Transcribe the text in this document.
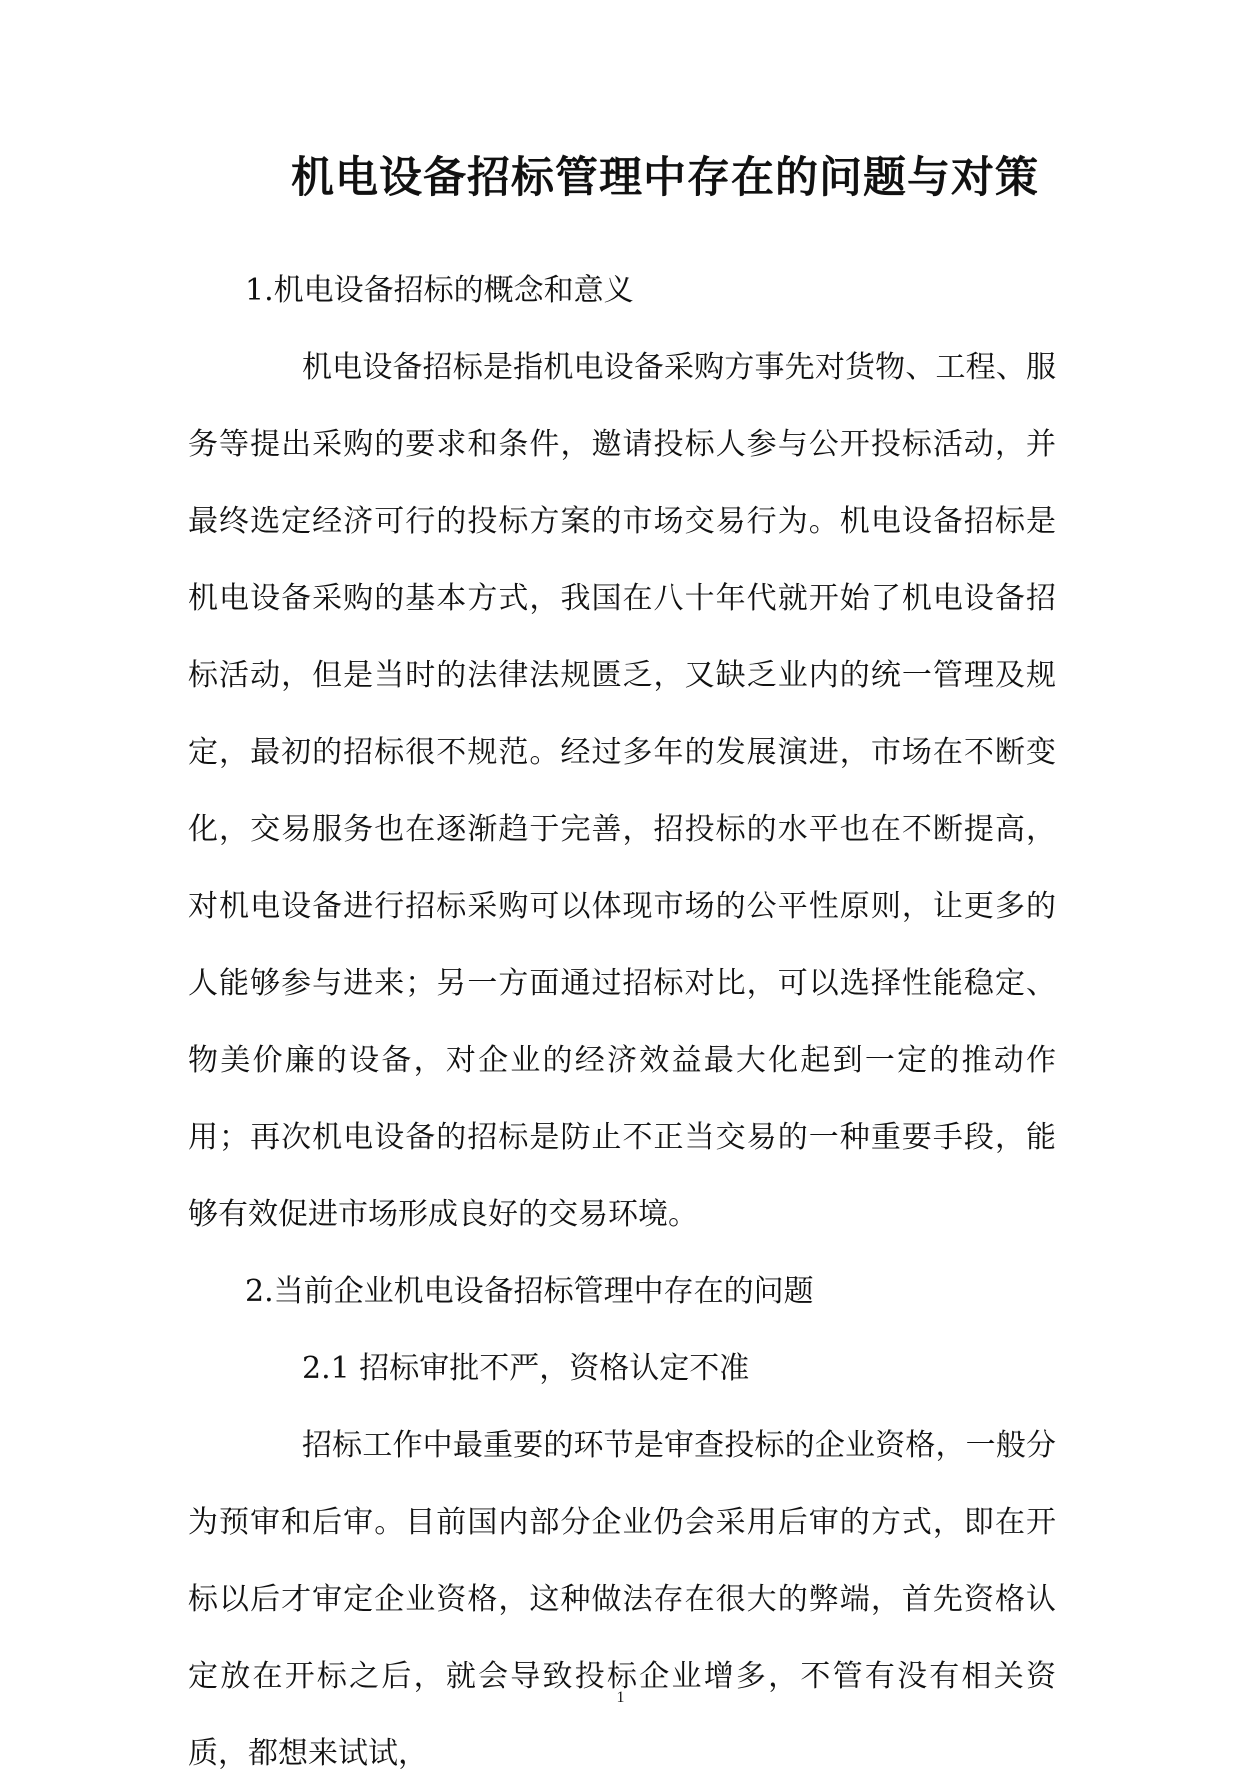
机电设备招标管理中存在的问题与对策

1.机电设备招标的概念和意义

机电设备招标是指机电设备采购方事先对货物、工程、服务等提出采购的要求和条件，邀请投标人参与公开投标活动，并最终选定经济可行的投标方案的市场交易行为。机电设备招标是机电设备采购的基本方式，我国在八十年代就开始了机电设备招标活动，但是当时的法律法规匮乏，又缺乏业内的统一管理及规定，最初的招标很不规范。经过多年的发展演进，市场在不断变化，交易服务也在逐渐趋于完善，招投标的水平也在不断提高，对机电设备进行招标采购可以体现市场的公平性原则，让更多的人能够参与进来；另一方面通过招标对比，可以选择性能稳定、物美价廉的设备，对企业的经济效益最大化起到一定的推动作用；再次机电设备的招标是防止不正当交易的一种重要手段，能够有效促进市场形成良好的交易环境。

2.当前企业机电设备招标管理中存在的问题

2.1 招标审批不严，资格认定不准

招标工作中最重要的环节是审查投标的企业资格，一般分为预审和后审。目前国内部分企业仍会采用后审的方式，即在开标以后才审定企业资格，这种做法存在很大的弊端，首先资格认定放在开标之后，就会导致投标企业增多，不管有没有相关资质，都想来试试，

1
